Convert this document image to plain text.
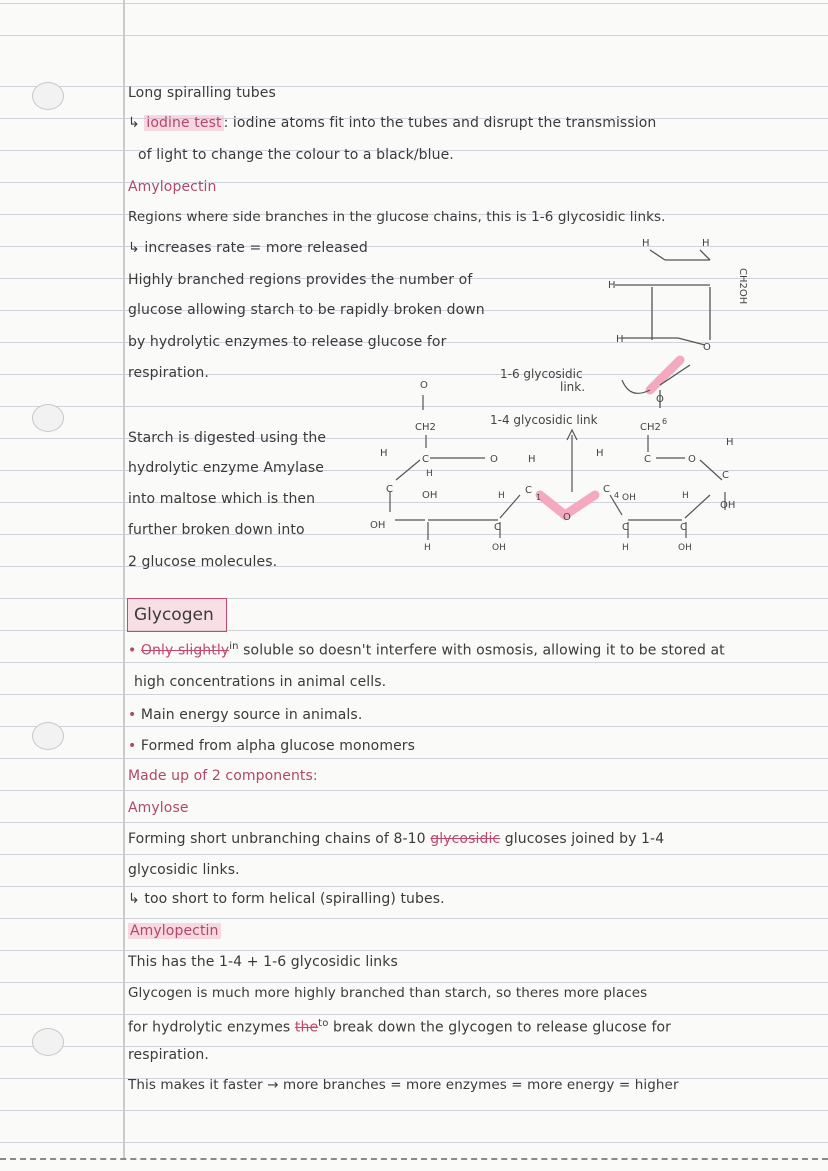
Long spiralling tubes
↳ iodine test : iodine atoms fit into the tubes and disrupt the transmission
of light to change the colour to a black/blue.
Amylopectin
Regions where side branches in the glucose chains, this is 1-6 glycosidic links.
↳ increases rate = more released
Highly branched regions provides the number of
glucose allowing starch to be rapidly broken down
by hydrolytic enzymes to release glucose for
respiration.
Starch is digested using the
hydrolytic enzyme Amylase
into maltose which is then
further broken down into
2 glucose molecules.
H	H
H
H
O
O
CH2OH
1-6 glycosidic
link.
1-4 glycosidic link
O
CH2
H
C
H
O
C
OH
OH
H
C
H	OH
H
C
1
O
CH2
6
H
C	O
H
C
OH
C
4 OH	H
C	C
H	OH
Glycogen
• Only slightly$^{in}$ soluble so doesn't interfere with osmosis, allowing it to be stored at
high concentrations in animal cells.
• Main energy source in animals.
• Formed from alpha glucose monomers
Made up of 2 components:
Amylose
Forming short unbranching chains of 8-10 glycosidic glucoses joined by 1-4
glycosidic links.
↳ too short to form helical (spiralling) tubes.
Amylopectin
This has the 1-4 + 1-6 glycosidic links
Glycogen is much more highly branched than starch, so theres more places
for hydrolytic enzymes the$^{to}$ break down the glycogen to release glucose for
respiration.
This makes it faster → more branches = more enzymes = more energy = higher
